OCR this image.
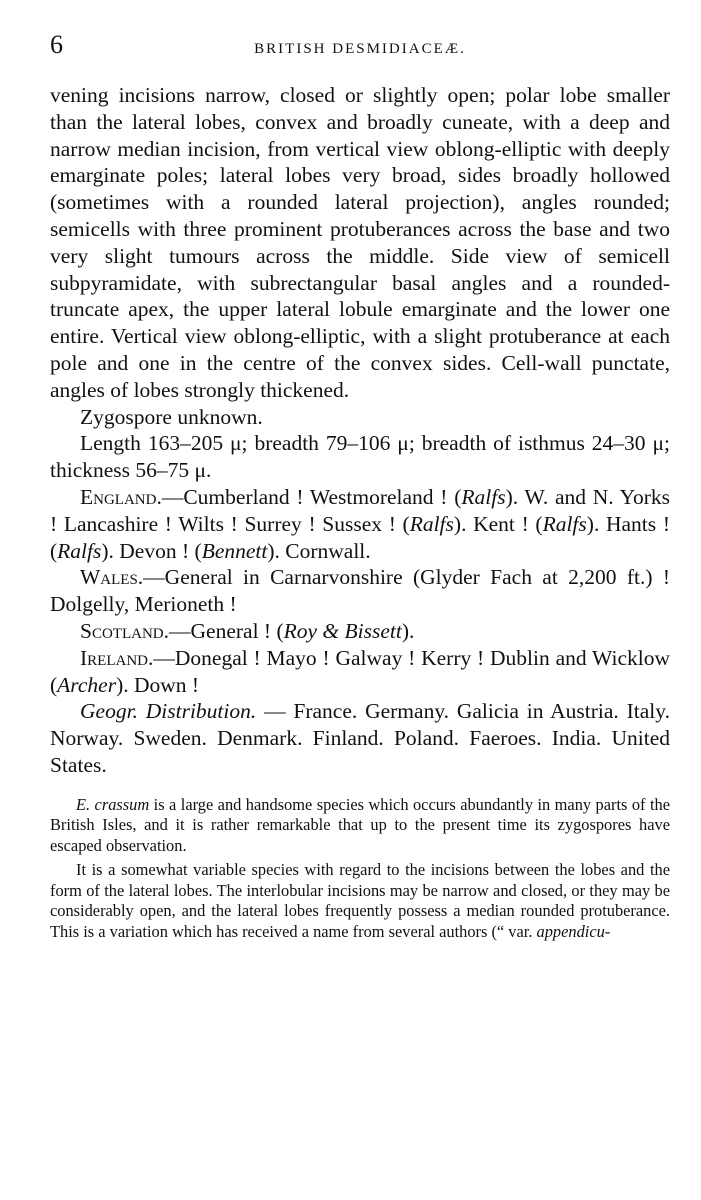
6	BRITISH DESMIDIACEÆ.

vening incisions narrow, closed or slightly open; polar lobe smaller than the lateral lobes, convex and broadly cuneate, with a deep and narrow median incision, from vertical view oblong-elliptic with deeply emarginate poles; lateral lobes very broad, sides broadly hollowed (sometimes with a rounded lateral projection), angles rounded; semicells with three prominent protuberances across the base and two very slight tumours across the middle. Side view of semicell subpyramidate, with subrectangular basal angles and a rounded-truncate apex, the upper lateral lobule emarginate and the lower one entire. Vertical view oblong-elliptic, with a slight protuberance at each pole and one in the centre of the convex sides. Cell-wall punctate, angles of lobes strongly thickened.

Zygospore unknown.

Length 163–205 μ; breadth 79–106 μ; breadth of isthmus 24–30 μ; thickness 56–75 μ.

England.—Cumberland ! Westmoreland ! (Ralfs). W. and N. Yorks ! Lancashire ! Wilts ! Surrey ! Sussex ! (Ralfs). Kent ! (Ralfs). Hants ! (Ralfs). Devon ! (Bennett). Cornwall.

Wales.—General in Carnarvonshire (Glyder Fach at 2,200 ft.) ! Dolgelly, Merioneth !

Scotland.—General ! (Roy & Bissett).

Ireland.—Donegal ! Mayo ! Galway ! Kerry ! Dublin and Wicklow (Archer). Down !

Geogr. Distribution. — France. Germany. Galicia in Austria. Italy. Norway. Sweden. Denmark. Finland. Poland. Faeroes. India. United States.

E. crassum is a large and handsome species which occurs abundantly in many parts of the British Isles, and it is rather remarkable that up to the present time its zygospores have escaped observation.

It is a somewhat variable species with regard to the incisions between the lobes and the form of the lateral lobes. The interlobular incisions may be narrow and closed, or they may be considerably open, and the lateral lobes frequently possess a median rounded protuberance. This is a variation which has received a name from several authors (“ var. appendicu-
